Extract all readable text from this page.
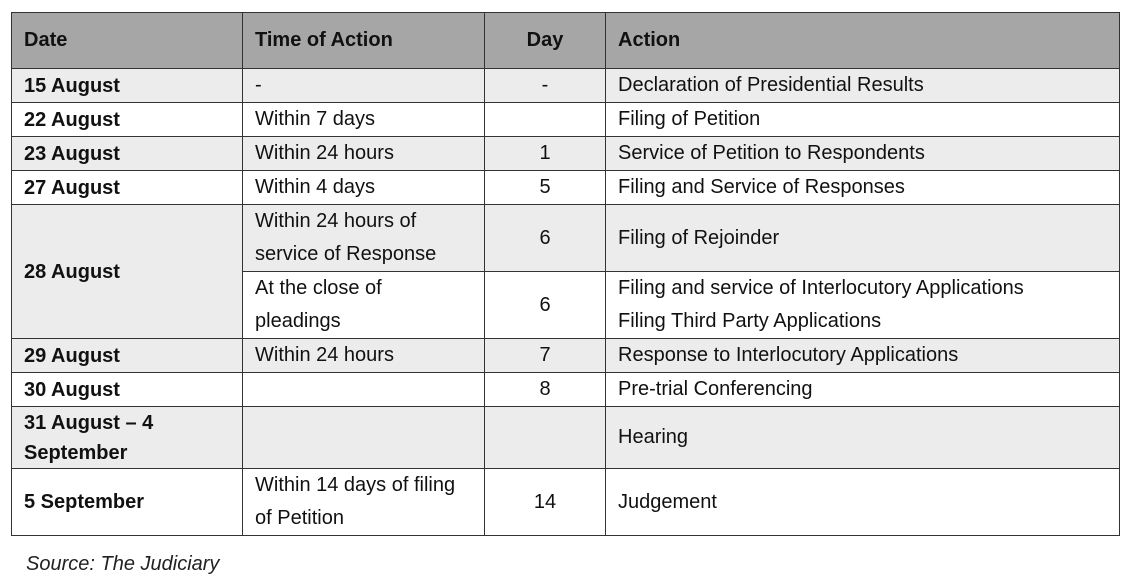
Date	Time of Action	Day	Action
15 August	-	-	Declaration of Presidential Results
22 August	Within 7 days		Filing of Petition
23 August	Within 24 hours	1	Service of Petition to Respondents
27 August	Within 4 days	5	Filing and Service of Responses
28 August	Within 24 hours of service of Response	6	Filing of Rejoinder
	At the close of pleadings	6	Filing and service of Interlocutory Applications
Filing Third Party Applications

29 August	Within 24 hours	7	Response to Interlocutory Applications
30 August		8	Pre-trial Conferencing
31 August – 4 September			Hearing
5 September	Within 14 days of filing of Petition	14	Judgement
Source: The Judiciary
